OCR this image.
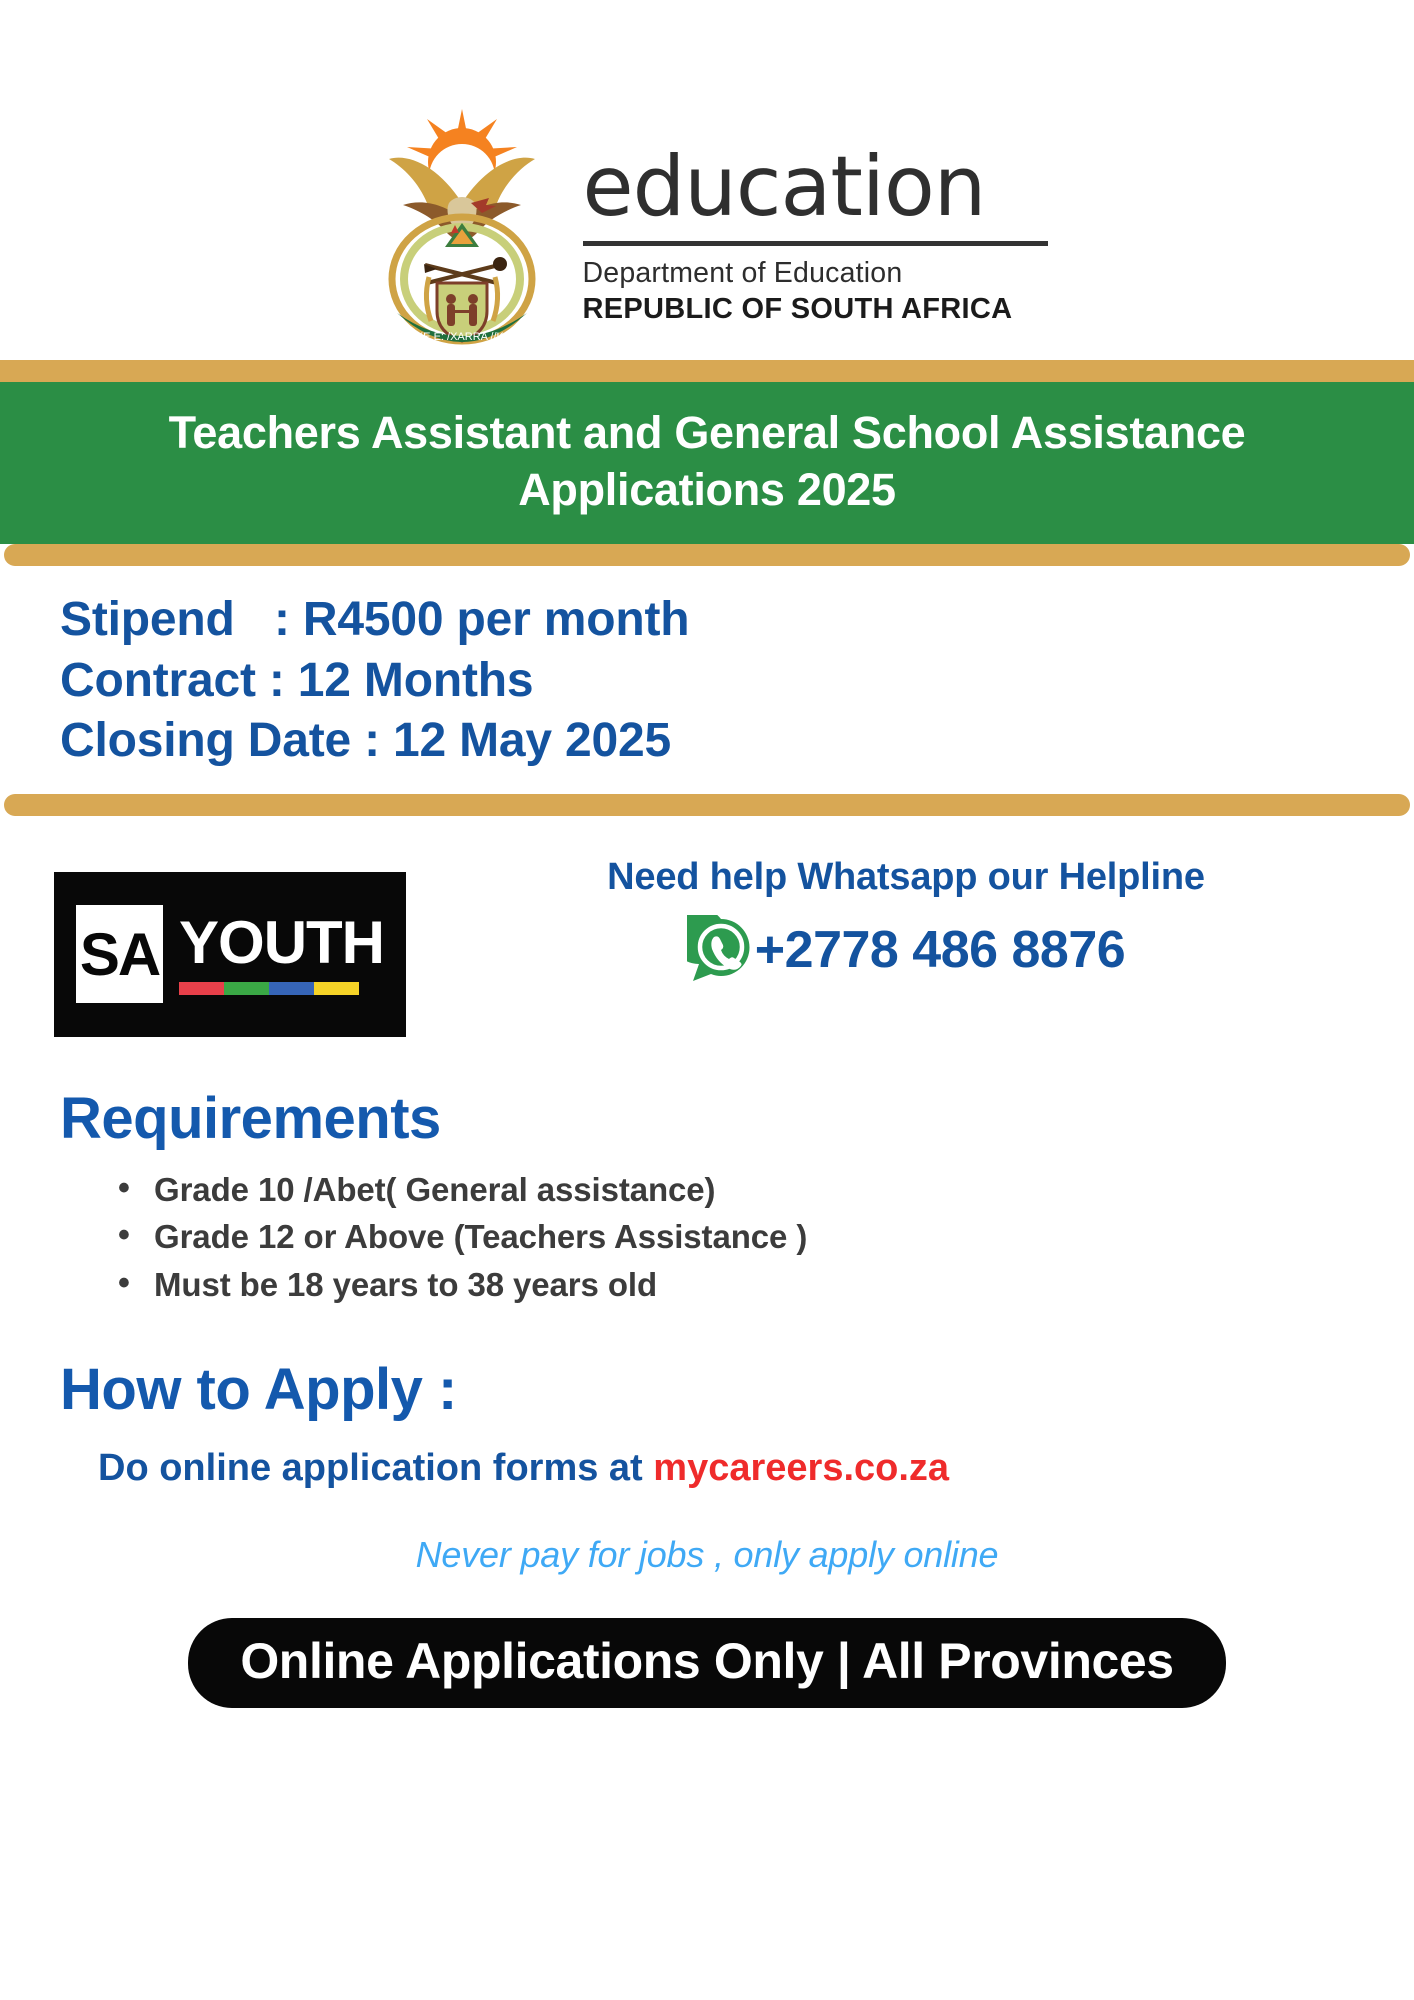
!KE E: /XARRA //KE
education
Department of Education
REPUBLIC OF SOUTH AFRICA
Teachers Assistant and General School Assistance
Applications 2025
Stipend   : R4500 per month
Contract : 12 Months
Closing Date : 12 May 2025
SA YOUTH
Need help Whatsapp our Helpline
+2778 486 8876
Requirements
• Grade 10 /Abet( General assistance)
• Grade 12 or Above (Teachers Assistance )
• Must be 18 years to 38 years old
How to Apply :
Do online application forms at mycareers.co.za
Never pay for jobs , only apply online
Online Applications Only | All Provinces
